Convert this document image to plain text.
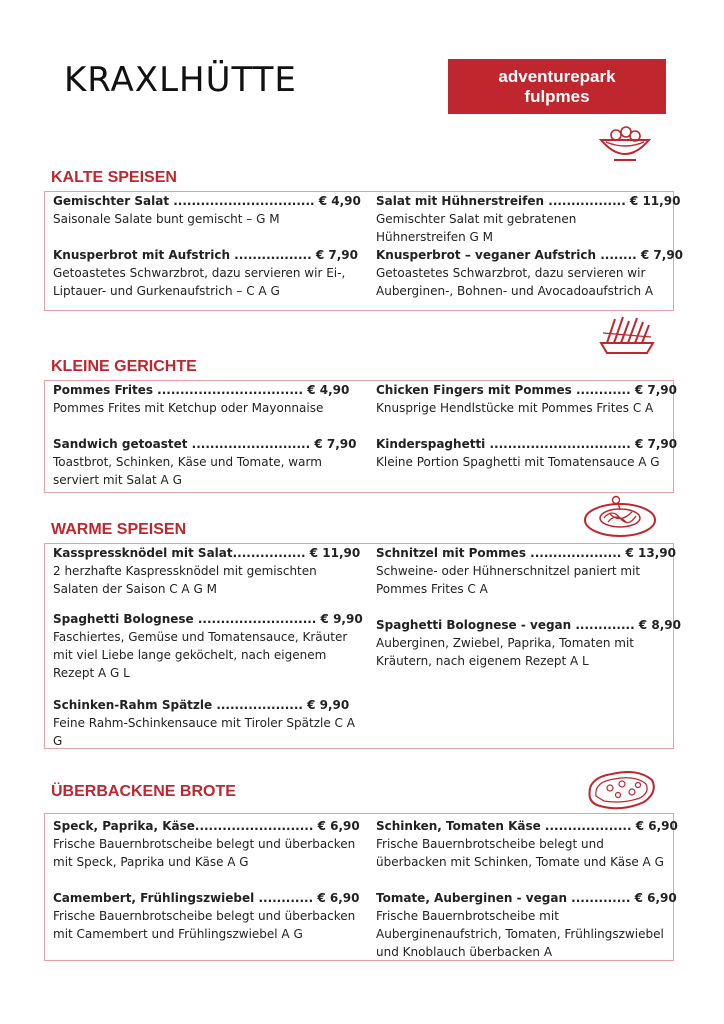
KRAXLHÜTTE	adventurepark
fulpmes
KALTE SPEISEN
Gemischter Salat ............................... € 4,90
Saisonale Salate bunt gemischt – G M
Salat mit Hühnerstreifen ................. € 11,90
Gemischter Salat mit gebratenen Hühnerstreifen G M
Knusperbrot mit Aufstrich ................. € 7,90
Getoastetes Schwarzbrot, dazu servieren wir Ei-, Liptauer- und Gurkenaufstrich – C A G
Knusperbrot – veganer Aufstrich ........ € 7,90
Getoastetes Schwarzbrot, dazu servieren wir Auberginen-, Bohnen- und Avocadoaufstrich A
KLEINE GERICHTE
Pommes Frites ................................ € 4,90
Pommes Frites mit Ketchup oder Mayonnaise
Chicken Fingers mit Pommes ............ € 7,90
Knusprige Hendlstücke mit Pommes Frites C A
Sandwich getoastet .......................... € 7,90
Toastbrot, Schinken, Käse und Tomate, warm serviert mit Salat A G
Kinderspaghetti ............................... € 7,90
Kleine Portion Spaghetti mit Tomatensauce A G
WARME SPEISEN
Kasspressknödel mit Salat................ € 11,90
2 herzhafte Kaspressknödel mit gemischten Salaten der Saison C A G M
Schnitzel mit Pommes .................... € 13,90
Schweine- oder Hühnerschnitzel paniert mit Pommes Frites C A
Spaghetti Bolognese .......................... € 9,90
Faschiertes, Gemüse und Tomatensauce, Kräuter mit viel Liebe lange geköchelt, nach eigenem Rezept A G L
Spaghetti Bolognese - vegan ............. € 8,90
Auberginen, Zwiebel, Paprika, Tomaten mit Kräutern, nach eigenem Rezept A L
Schinken-Rahm Spätzle ................... € 9,90
Feine Rahm-Schinkensauce mit Tiroler Spätzle C A G
ÜBERBACKENE BROTE
Speck, Paprika, Käse.......................... € 6,90
Frische Bauernbrotscheibe belegt und überbacken mit Speck, Paprika und Käse A G
Schinken, Tomaten Käse ................... € 6,90
Frische Bauernbrotscheibe belegt und überbacken mit Schinken, Tomate und Käse A G
Camembert, Frühlingszwiebel ............ € 6,90
Frische Bauernbrotscheibe belegt und überbacken mit Camembert und Frühlingszwiebel A G
Tomate, Auberginen - vegan ............. € 6,90
Frische Bauernbrotscheibe mit Auberginenaufstrich, Tomaten, Frühlingszwiebel und Knoblauch überbacken A
